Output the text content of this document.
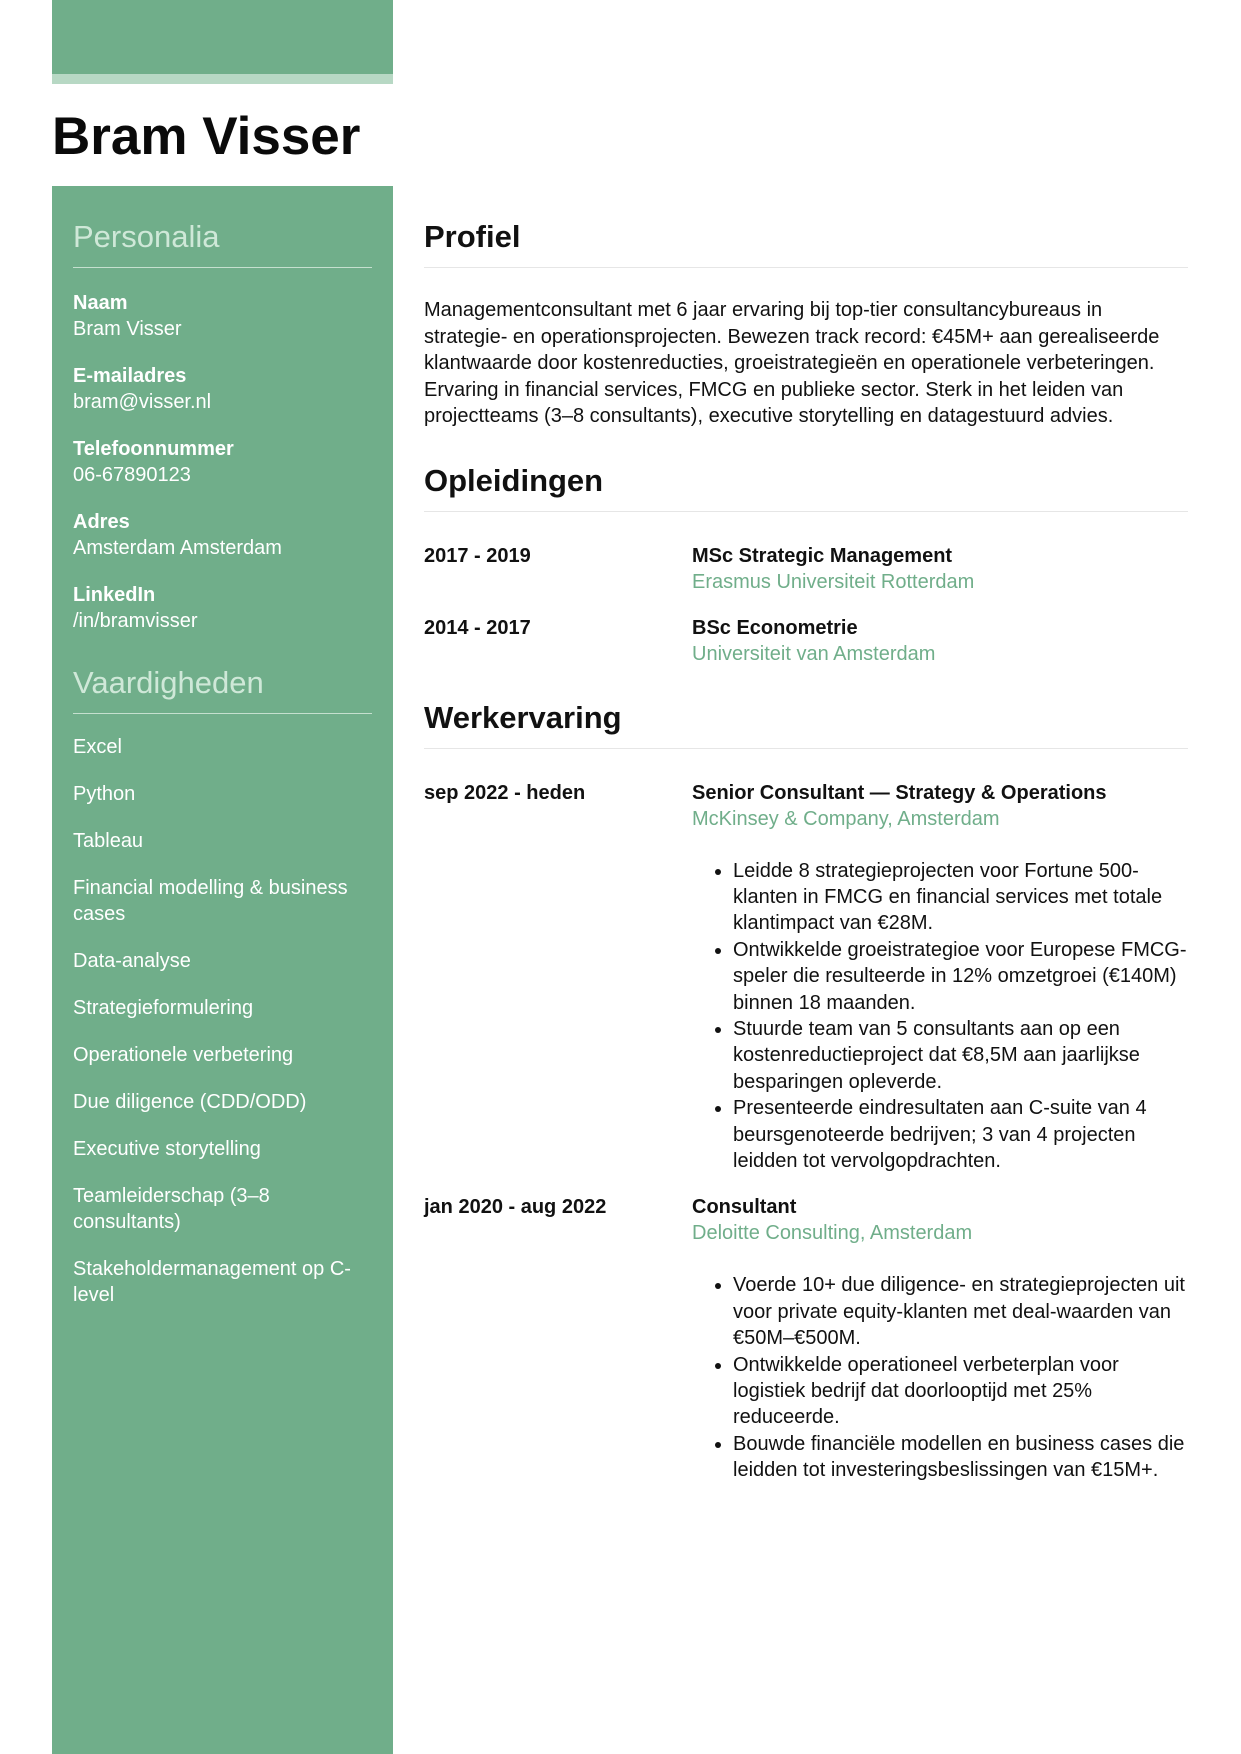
Bram Visser
Personalia
Naam
Bram Visser
E-mailadres
bram@visser.nl
Telefoonnummer
06-67890123
Adres
Amsterdam Amsterdam
LinkedIn
/in/bramvisser
Vaardigheden
Excel
Python
Tableau
Financial modelling & business cases
Data-analyse
Strategieformulering
Operationele verbetering
Due diligence (CDD/ODD)
Executive storytelling
Teamleiderschap (3–8 consultants)
Stakeholdermanagement op C-level
Profiel
Managementconsultant met 6 jaar ervaring bij top-tier consultancybureaus in strategie- en operationsprojecten. Bewezen track record: €45M+ aan gerealiseerde klantwaarde door kostenreducties, groeistrategieën en operationele verbeteringen. Ervaring in financial services, FMCG en publieke sector. Sterk in het leiden van projectteams (3–8 consultants), executive storytelling en datagestuurd advies.
Opleidingen
2017 - 2019	MSc Strategic Management
Erasmus Universiteit Rotterdam
2014 - 2017	BSc Econometrie
Universiteit van Amsterdam
Werkervaring
sep 2022 - heden	Senior Consultant — Strategy & Operations
McKinsey & Company, Amsterdam
• Leidde 8 strategieprojecten voor Fortune 500-klanten in FMCG en financial services met totale klantimpact van €28M.
• Ontwikkelde groeistrategioe voor Europese FMCG-speler die resulteerde in 12% omzetgroei (€140M) binnen 18 maanden.
• Stuurde team van 5 consultants aan op een kostenreductieproject dat €8,5M aan jaarlijkse besparingen opleverde.
• Presenteerde eindresultaten aan C-suite van 4 beursgenoteerde bedrijven; 3 van 4 projecten leidden tot vervolgopdrachten.
jan 2020 - aug 2022	Consultant
Deloitte Consulting, Amsterdam
• Voerde 10+ due diligence- en strategieprojecten uit voor private equity-klanten met deal-waarden van €50M–€500M.
• Ontwikkelde operationeel verbeterplan voor logistiek bedrijf dat doorlooptijd met 25% reduceerde.
• Bouwde financiële modellen en business cases die leidden tot investeringsbeslissingen van €15M+.
